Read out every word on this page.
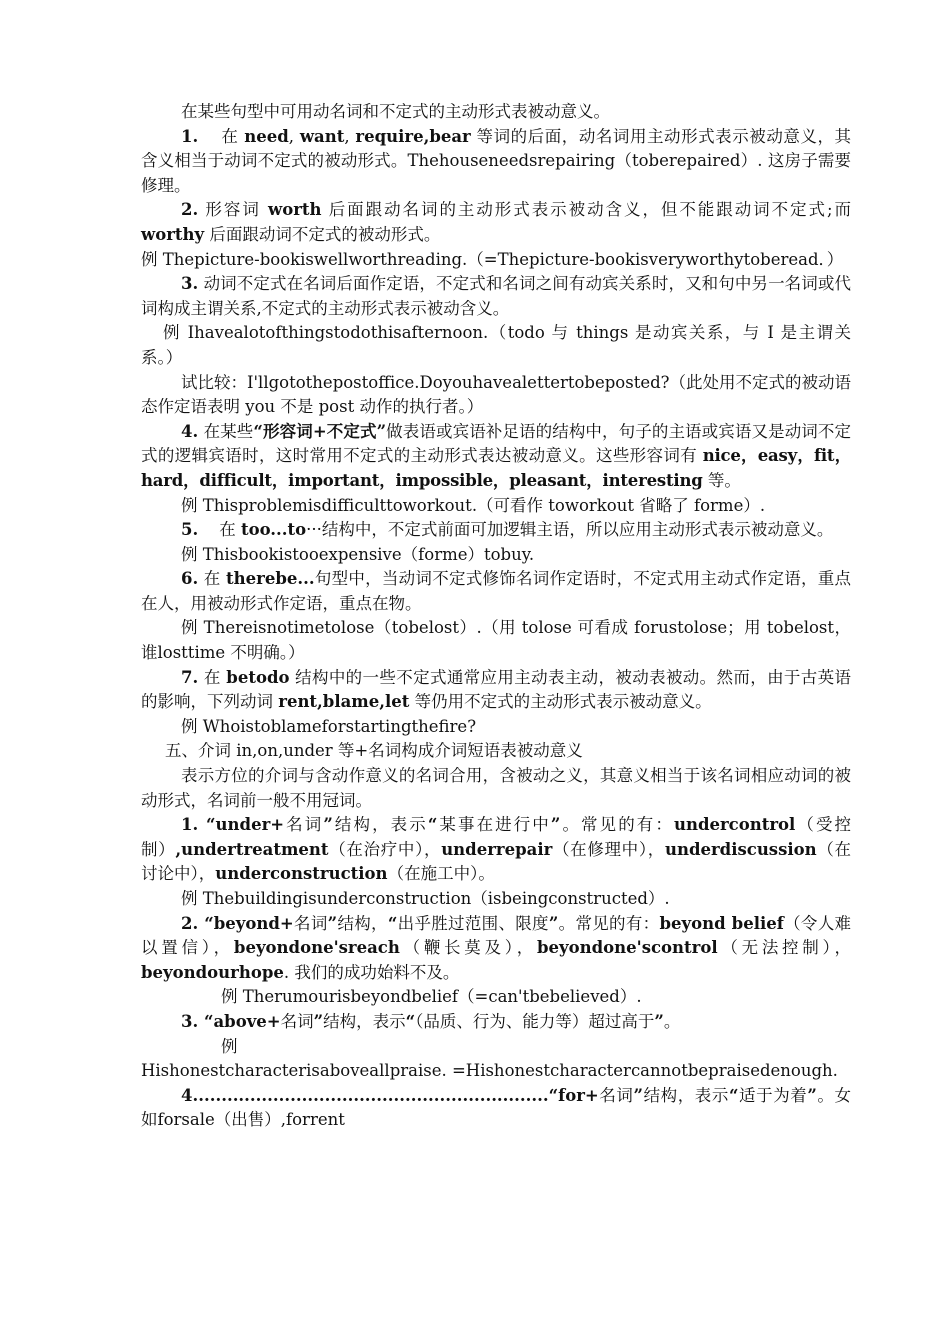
在某些句型中可用动名词和不定式的主动形式表被动意义。

1. 在 need, want, require,bear 等词的后面，动名词用主动形式表示被动意义，其含义相当于动词不定式的被动形式。Thehouseneedsrepairing（toberepaired）. 这房子需要修理。

2. 形容词 worth 后面跟动名词的主动形式表示被动含义，但不能跟动词不定式;而 worthy 后面跟动词不定式的被动形式。

例 Thepicture-bookiswellworthreading.（=Thepicture-bookisveryworthytoberead．）

3. 动词不定式在名词后面作定语，不定式和名词之间有动宾关系时，又和句中另一名词或代词构成主谓关系,不定式的主动形式表示被动含义。

例 Ihavealotofthingstodothisafternoon.（todo 与 things 是动宾关系，与 I 是主谓关系。）

试比较：I'llgotothepostoffice.Doyouhavealettertobeposted?（此处用不定式的被动语态作定语表明 you 不是 post 动作的执行者。）

4. 在某些“形容词+不定式”做表语或宾语补足语的结构中，句子的主语或宾语又是动词不定式的逻辑宾语时，这时常用不定式的主动形式表达被动意义。这些形容词有 nice，easy，fit，hard，difficult，important，impossible，pleasant，interesting 等。

例 Thisproblemisdifficulttoworkout.（可看作 toworkout 省略了 forme）.

5. 在 too...to···结构中，不定式前面可加逻辑主语，所以应用主动形式表示被动意义。

例 Thisbookistooexpensive（forme）tobuy.

6. 在 therebe...句型中，当动词不定式修饰名词作定语时，不定式用主动式作定语，重点在人，用被动形式作定语，重点在物。

例 Thereisnotimetolose（tobelost）.（用 tolose 可看成 forustolose；用 tobelost，谁losttime 不明确。）

7. 在 betodo 结构中的一些不定式通常应用主动表主动，被动表被动。然而，由于古英语的影响，下列动词 rent,blame,let 等仍用不定式的主动形式表示被动意义。

例 Whoistoblameforstartingthefire?

五、介词 in,on,under 等+名词构成介词短语表被动意义

表示方位的介词与含动作意义的名词合用，含被动之义，其意义相当于该名词相应动词的被动形式，名词前一般不用冠词。

1. “under+名词”结构，表示“某事在进行中”。常见的有：undercontrol（受控制）,undertreatment（在治疗中），underrepair（在修理中），underdiscussion（在讨论中），underconstruction（在施工中）。

例 Thebuildingisunderconstruction（isbeingconstructed）.

2. “beyond+名词”结构，“出乎胜过范围、限度”。常见的有：beyond belief（令人难以置信），beyondone'sreach（鞭长莫及），beyondone'scontrol（无法控制），beyondourhope. 我们的成功始料不及。

例 Therumourisbeyondbelief（=can'tbebelieved）.

3. “above+名词”结构，表示“（品质、行为、能力等）超过高于”。

例

Hishonestcharacterisaboveallpraise. =Hishonestcharactercannotbepraisedenough.

4..............................................................“for+名词”结构，表示“适于为着”。女如forsale（出售）,forrent
